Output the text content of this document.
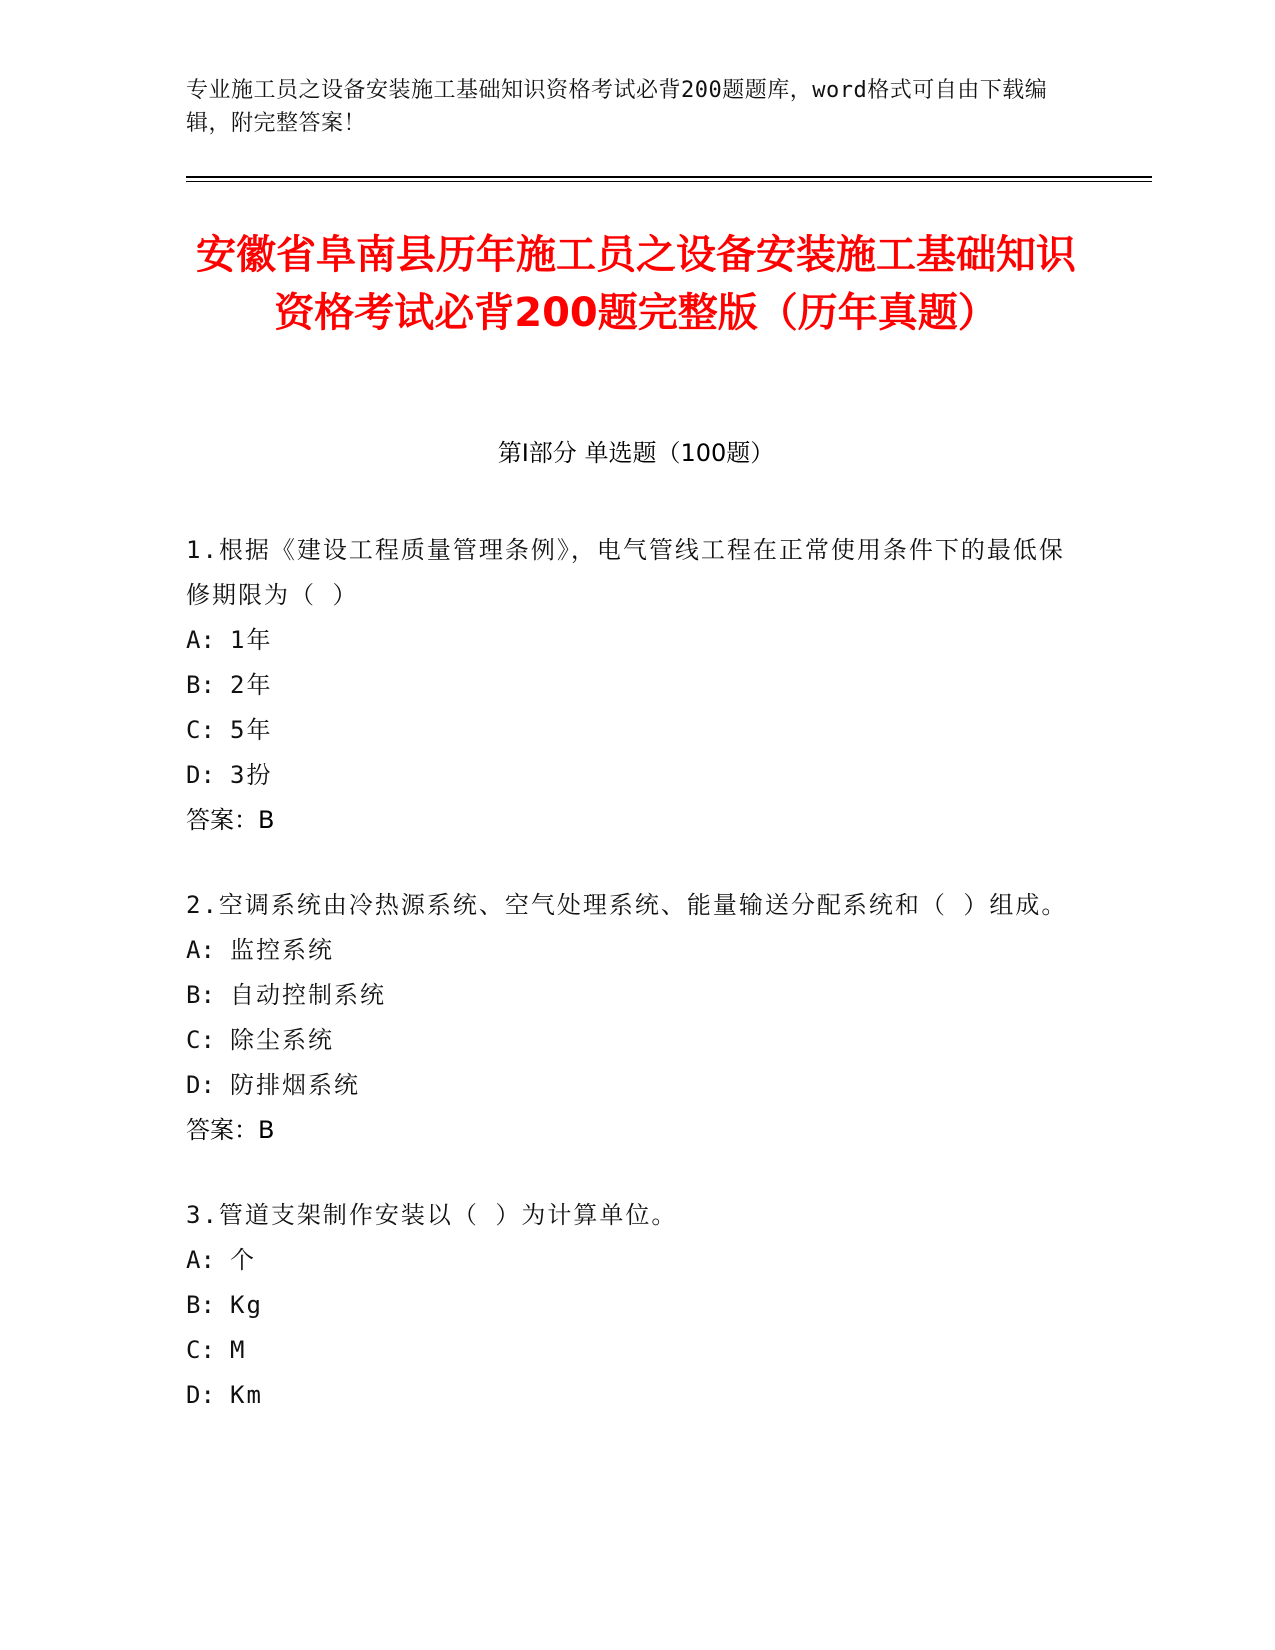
专业施工员之设备安装施工基础知识资格考试必背200题题库，word格式可自由下载编辑，附完整答案！
安徽省阜南县历年施工员之设备安装施工基础知识资格考试必背200题完整版（历年真题）
第Ⅰ部分 单选题（100题）

1.根据《建设工程质量管理条例》，电气管线工程在正常使用条件下的最低保修期限为（ ）

A: 1年

B: 2年

C: 5年

D: 3扮

答案：B

2.空调系统由冷热源系统、空气处理系统、能量输送分配系统和（ ）组成。

A: 监控系统

B: 自动控制系统

C: 除尘系统

D: 防排烟系统

答案：B

3.管道支架制作安装以（ ）为计算单位。

A: 个

B: Kg

C: M

D: Km
